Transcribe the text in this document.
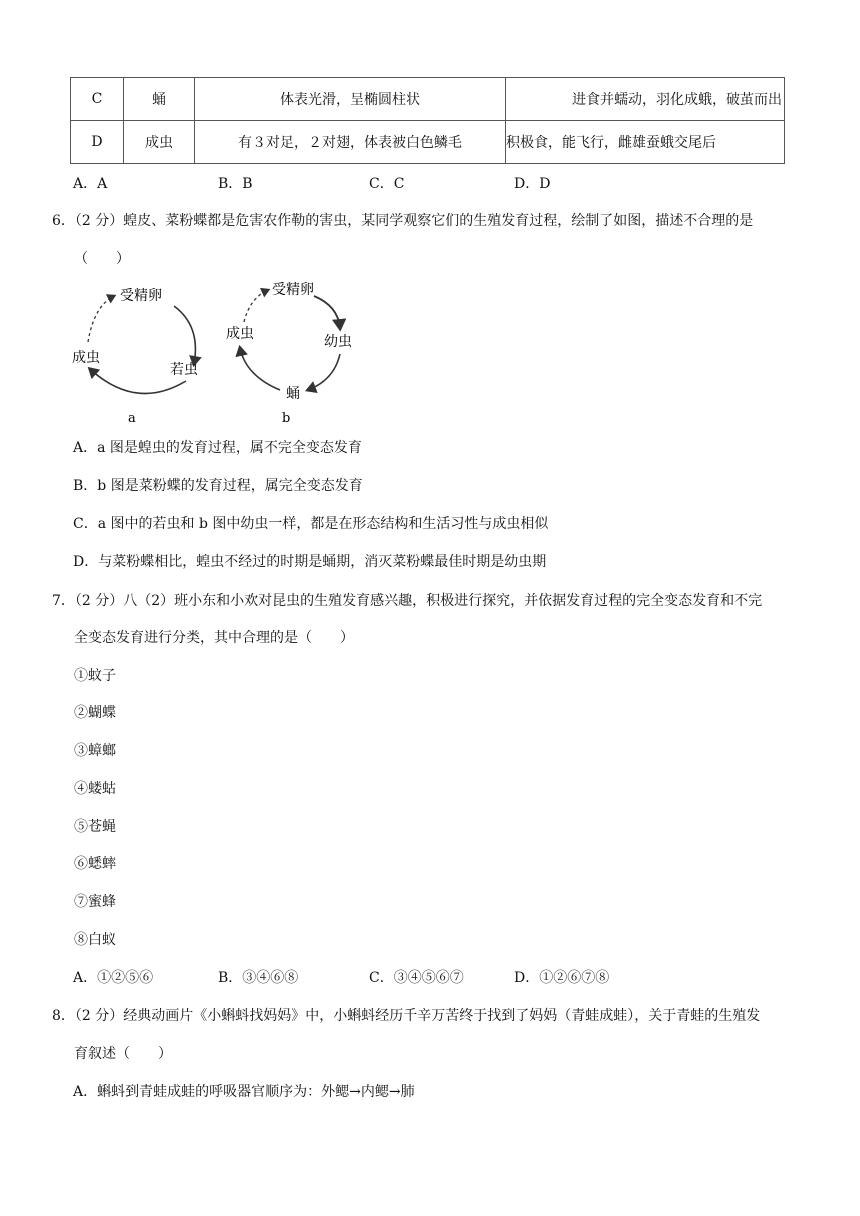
C	蛹	体表光滑，呈椭圆柱状	进食并蠕动，羽化成蛾，破茧而出
D	成虫	有３对足，２对翅，体表被白色鳞毛	积极食，能飞行，雌雄蚕蛾交尾后
A．A	B．B	C．C	D．D
6．（2 分）蝗皮、菜粉蝶都是危害农作勒的害虫，某同学观察它们的生殖发育过程，绘制了如图，描述不合理的是
（　　）
受精卵
成虫
若虫
a
受精卵
成虫	幼虫
蛹
b
A．a 图是蝗虫的发育过程，属不完全变态发育
B．b 图是菜粉蝶的发育过程，属完全变态发育
C．a 图中的若虫和 b 图中幼虫一样，都是在形态结构和生活习性与成虫相似
D．与菜粉蝶相比，蝗虫不经过的时期是蛹期，消灭菜粉蝶最佳时期是幼虫期
7．（2 分）八（2）班小东和小欢对昆虫的生殖发育感兴趣，积极进行探究，并依据发育过程的完全变态发育和不完
全变态发育进行分类，其中合理的是（　　）
①蚊子
②蝴蝶
③蟑螂
④蝼蛄
⑤苍蝇
⑥蟋蟀
⑦蜜蜂
⑧白蚁
A．①②⑤⑥	B．③④⑥⑧	C．③④⑤⑥⑦	D．①②⑥⑦⑧
8．（2 分）经典动画片《小蝌蚪找妈妈》中，小蝌蚪经历千辛万苦终于找到了妈妈（青蛙成蛙），关于青蛙的生殖发
育叙述（　　）
A．蝌蚪到青蛙成蛙的呼吸器官顺序为：外鳃→内鳃→肺
